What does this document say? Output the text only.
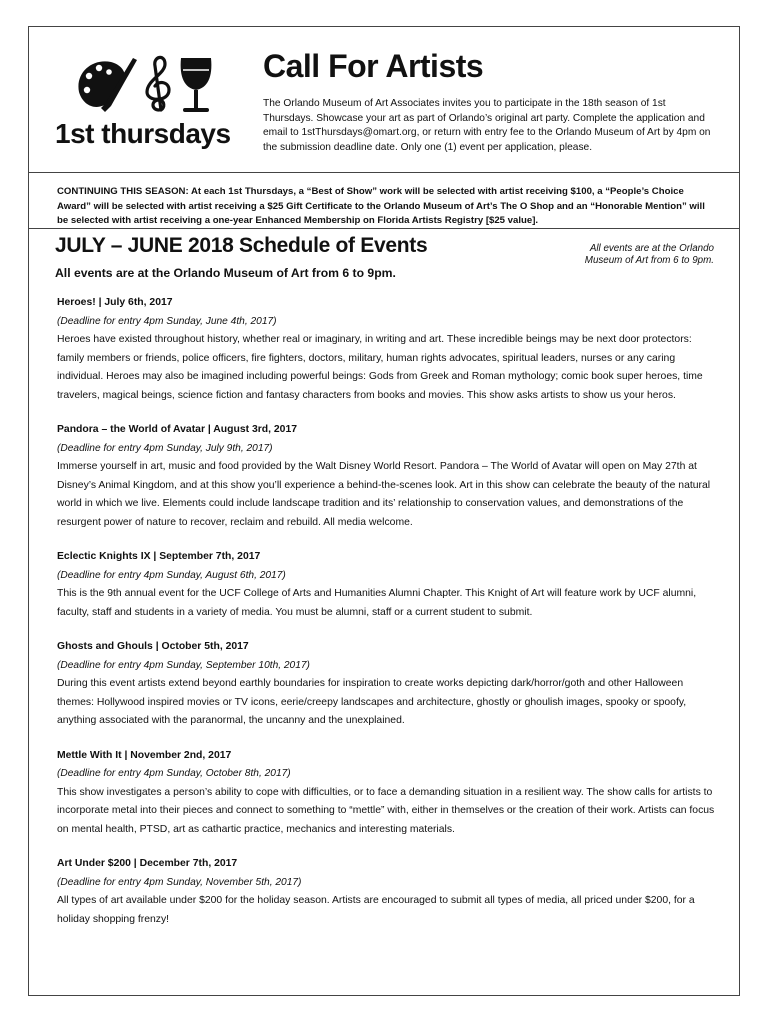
1st thursdays
Call For Artists

The Orlando Museum of Art Associates invites you to participate in the 18th season of 1st Thursdays. Showcase your art as part of Orlando’s original art party. Complete the application and email to 1stThursdays@omart.org, or return with entry fee to the Orlando Museum of Art by 4pm on the submission deadline date. Only one (1) event per application, please.

CONTINUING THIS SEASON: At each 1st Thursdays, a “Best of Show” work will be selected with artist receiving $100, a “People’s Choice Award” will be selected with artist receiving a $25 Gift Certificate to the Orlando Museum of Art’s The O Shop and an “Honorable Mention” will be selected with artist receiving a one-year Enhanced Membership on Florida Artists Registry [$25 value].

JULY – JUNE 2018 Schedule of Events	All events are at the Orlando Museum of Art from 6 to 9pm.

All events are at the Orlando Museum of Art from 6 to 9pm.

Heroes! | July 6th, 2017

(Deadline for entry 4pm Sunday, June 4th, 2017)

Heroes have existed throughout history, whether real or imaginary, in writing and art. These incredible beings may be next door protectors: family members or friends, police officers, fire fighters, doctors, military, human rights advocates, spiritual leaders, nurses or any caring individual. Heroes may also be imagined including powerful beings: Gods from Greek and Roman mythology; comic book super heroes, time travelers, magical beings, science fiction and fantasy characters from books and movies. This show asks artists to show us your heros.

Pandora – the World of Avatar | August 3rd, 2017

(Deadline for entry 4pm Sunday, July 9th, 2017)

Immerse yourself in art, music and food provided by the Walt Disney World Resort. Pandora – The World of Avatar will open on May 27th at Disney’s Animal Kingdom, and at this show you’ll experience a behind-the-scenes look. Art in this show can celebrate the beauty of the natural world in which we live. Elements could include landscape tradition and its’ relationship to conservation values, and demonstrations of the resurgent power of nature to recover, reclaim and rebuild. All media welcome.

Eclectic Knights IX | September 7th, 2017

(Deadline for entry 4pm Sunday, August 6th, 2017)

This is the 9th annual event for the UCF College of Arts and Humanities Alumni Chapter. This Knight of Art will feature work by UCF alumni, faculty, staff and students in a variety of media. You must be alumni, staff or a current student to submit.

Ghosts and Ghouls | October 5th, 2017

(Deadline for entry 4pm Sunday, September 10th, 2017)

During this event artists extend beyond earthly boundaries for inspiration to create works depicting dark/horror/goth and other Halloween themes: Hollywood inspired movies or TV icons, eerie/creepy landscapes and architecture, ghostly or ghoulish images, spooky or spoofy, anything associated with the paranormal, the uncanny and the unexplained.

Mettle With It | November 2nd, 2017

(Deadline for entry 4pm Sunday, October 8th, 2017)

This show investigates a person’s ability to cope with difficulties, or to face a demanding situation in a resilient way. The show calls for artists to incorporate metal into their pieces and connect to something to “mettle” with, either in themselves or the creation of their work. Artists can focus on mental health, PTSD, art as cathartic practice, mechanics and interesting materials.

Art Under $200 | December 7th, 2017

(Deadline for entry 4pm Sunday, November 5th, 2017)

All types of art available under $200 for the holiday season. Artists are encouraged to submit all types of media, all priced under $200, for a holiday shopping frenzy!
